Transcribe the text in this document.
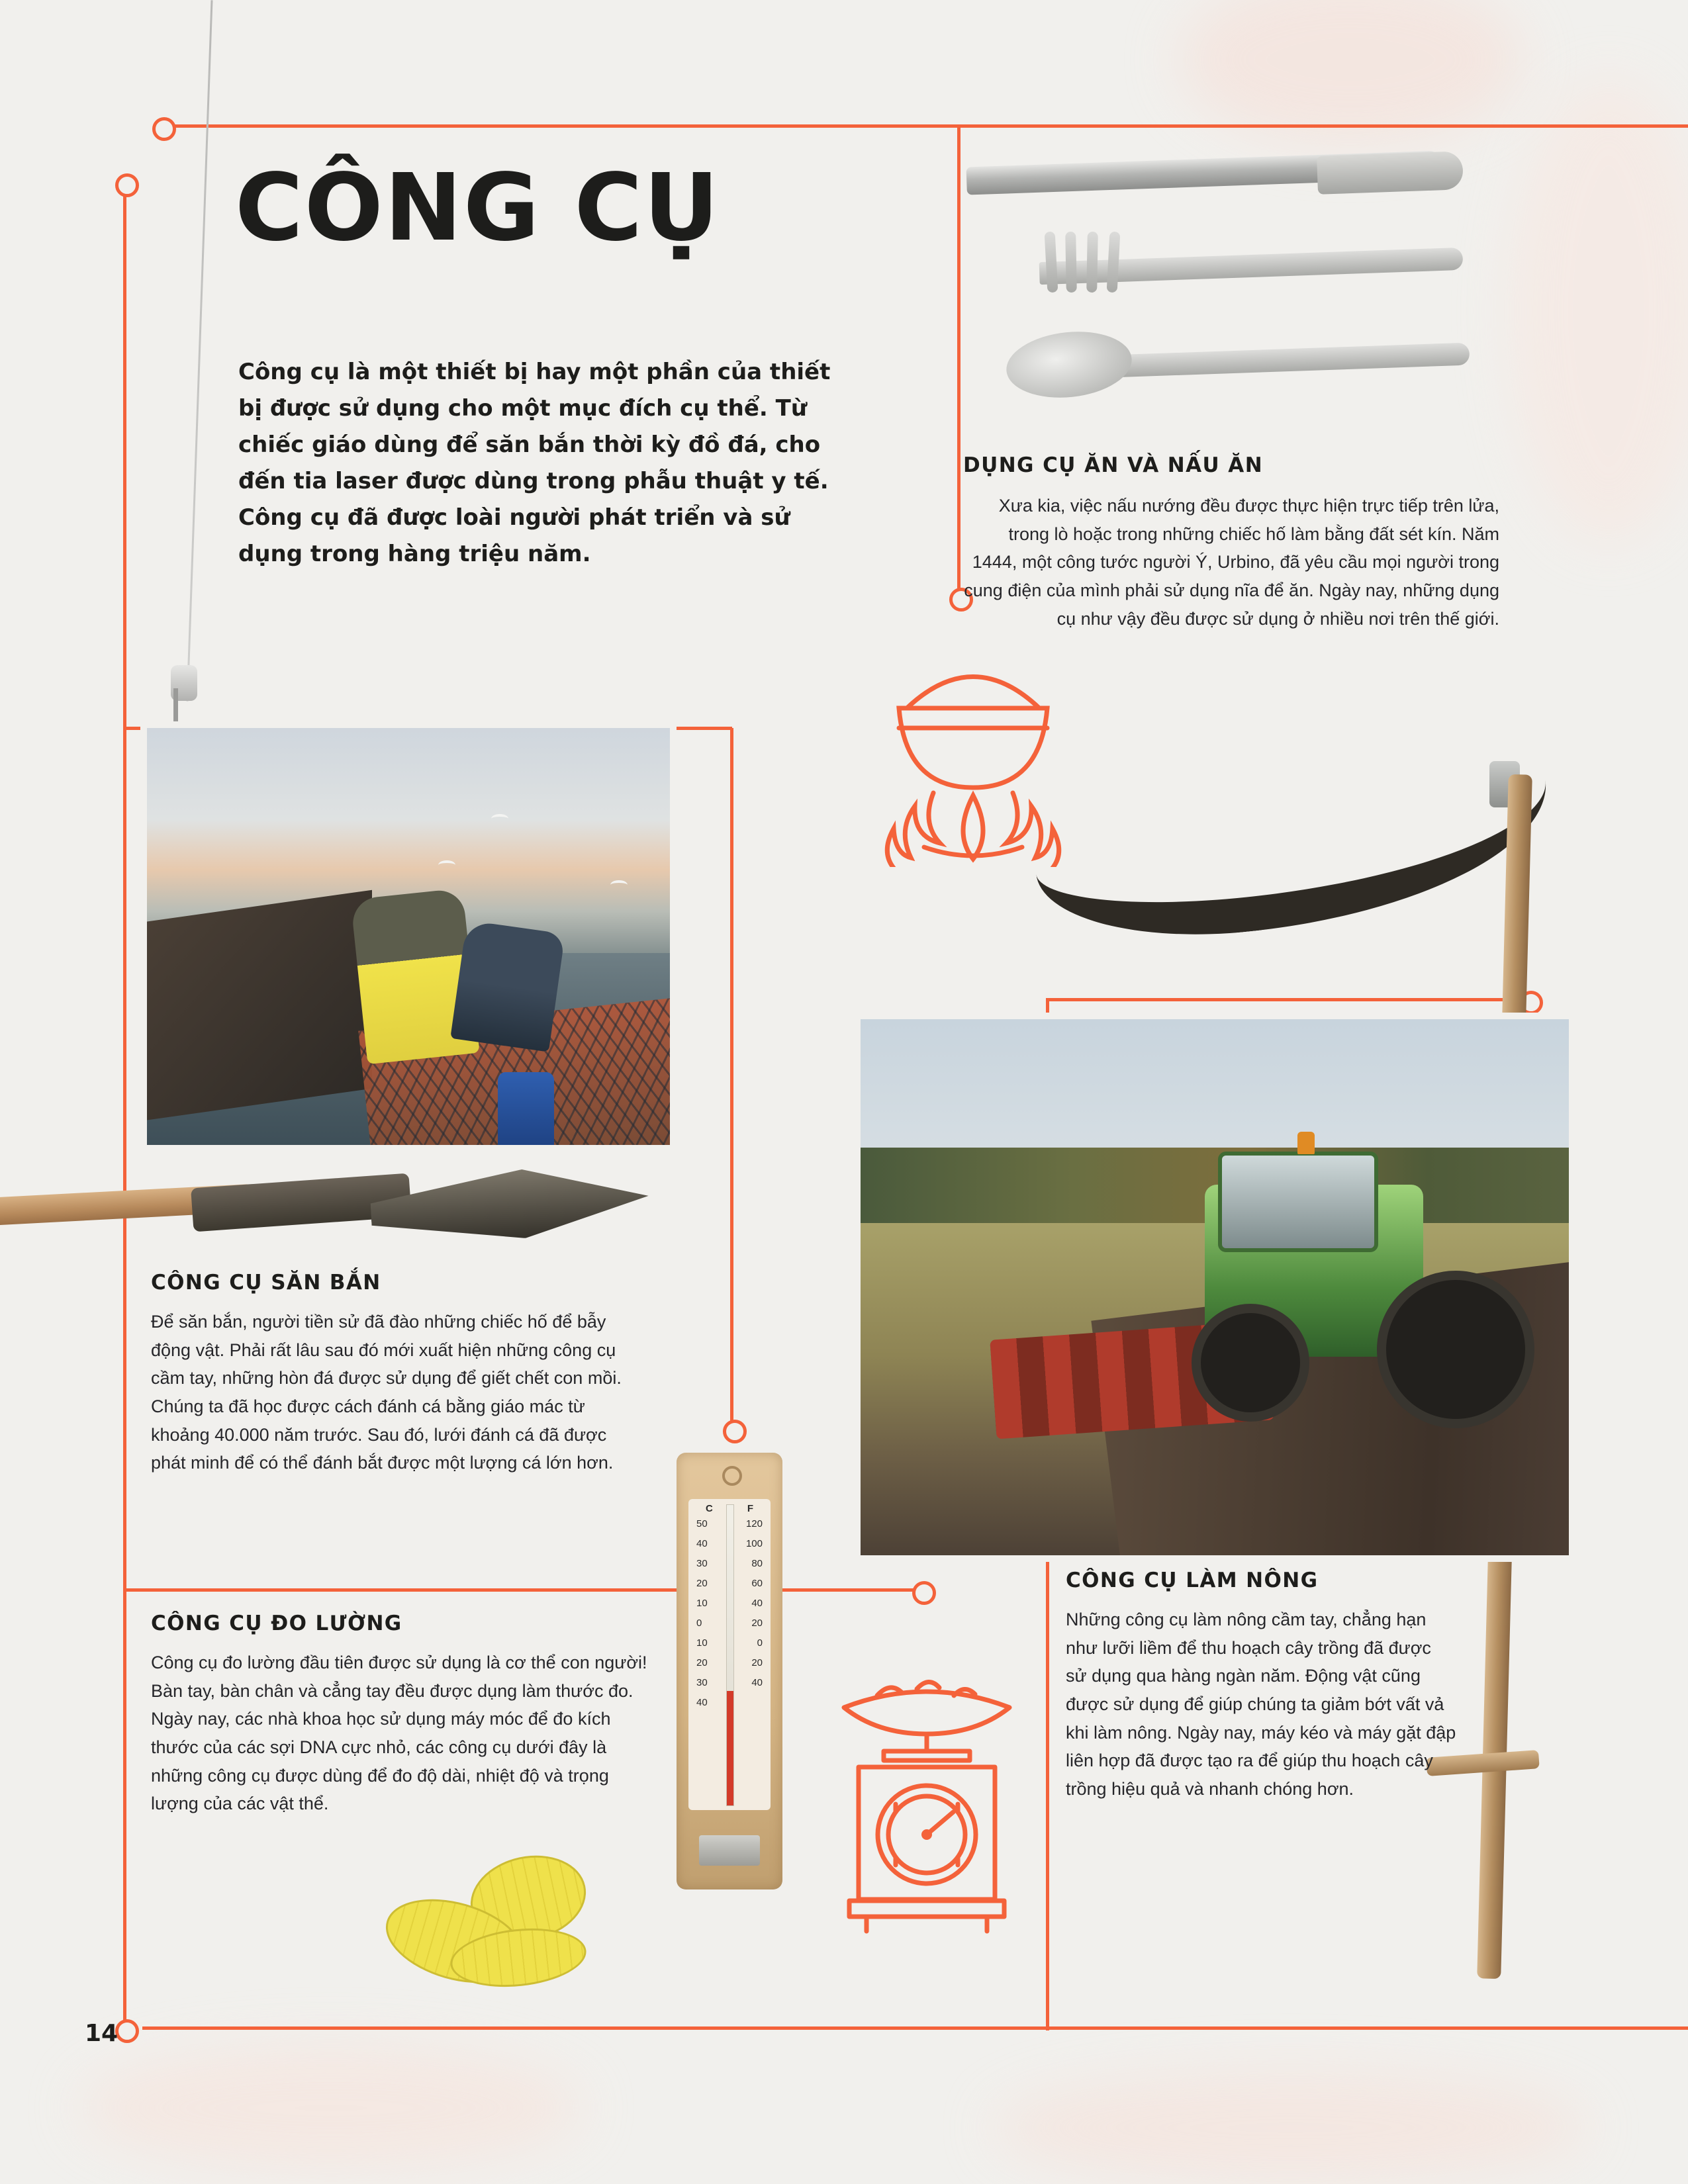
CÔNG CỤ
Công cụ là một thiết bị hay một phần của thiết bị được sử dụng cho một mục đích cụ thể. Từ chiếc giáo dùng để săn bắn thời kỳ đồ đá, cho đến tia laser được dùng trong phẫu thuật y tế. Công cụ đã được loài người phát triển và sử dụng trong hàng triệu năm.
C	F
50
40
30
20
10
0
10
20
30
40
120
100
80
60
40
20
0
20
40
DỤNG CỤ ĂN VÀ NẤU ĂN
Xưa kia, việc nấu nướng đều được thực hiện trực tiếp trên lửa, trong lò hoặc trong những chiếc hố làm bằng đất sét kín. Năm 1444, một công tước người Ý, Urbino, đã yêu cầu mọi người trong cung điện của mình phải sử dụng nĩa để ăn. Ngày nay, những dụng cụ như vậy đều được sử dụng ở nhiều nơi trên thế giới.
CÔNG CỤ SĂN BẮN
Để săn bắn, người tiền sử đã đào những chiếc hố để bẫy động vật. Phải rất lâu sau đó mới xuất hiện những công cụ cầm tay, những hòn đá được sử dụng để giết chết con mồi. Chúng ta đã học được cách đánh cá bằng giáo mác từ khoảng 40.000 năm trước. Sau đó, lưới đánh cá đã được phát minh để có thể đánh bắt được một lượng cá lớn hơn.
CÔNG CỤ ĐO LƯỜNG
Công cụ đo lường đầu tiên được sử dụng là cơ thể con người! Bàn tay, bàn chân và cẳng tay đều được dụng làm thước đo. Ngày nay, các nhà khoa học sử dụng máy móc để đo kích thước của các sợi DNA cực nhỏ, các công cụ dưới đây là những công cụ được dùng để đo độ dài, nhiệt độ và trọng lượng của các vật thể.
CÔNG CỤ LÀM NÔNG
Những công cụ làm nông cầm tay, chẳng hạn như lưỡi liềm để thu hoạch cây trồng đã được sử dụng qua hàng ngàn năm. Động vật cũng được sử dụng để giúp chúng ta giảm bớt vất vả khi làm nông. Ngày nay, máy kéo và máy gặt đập liên hợp đã được tạo ra để giúp thu hoạch cây trồng hiệu quả và nhanh chóng hơn.
14
